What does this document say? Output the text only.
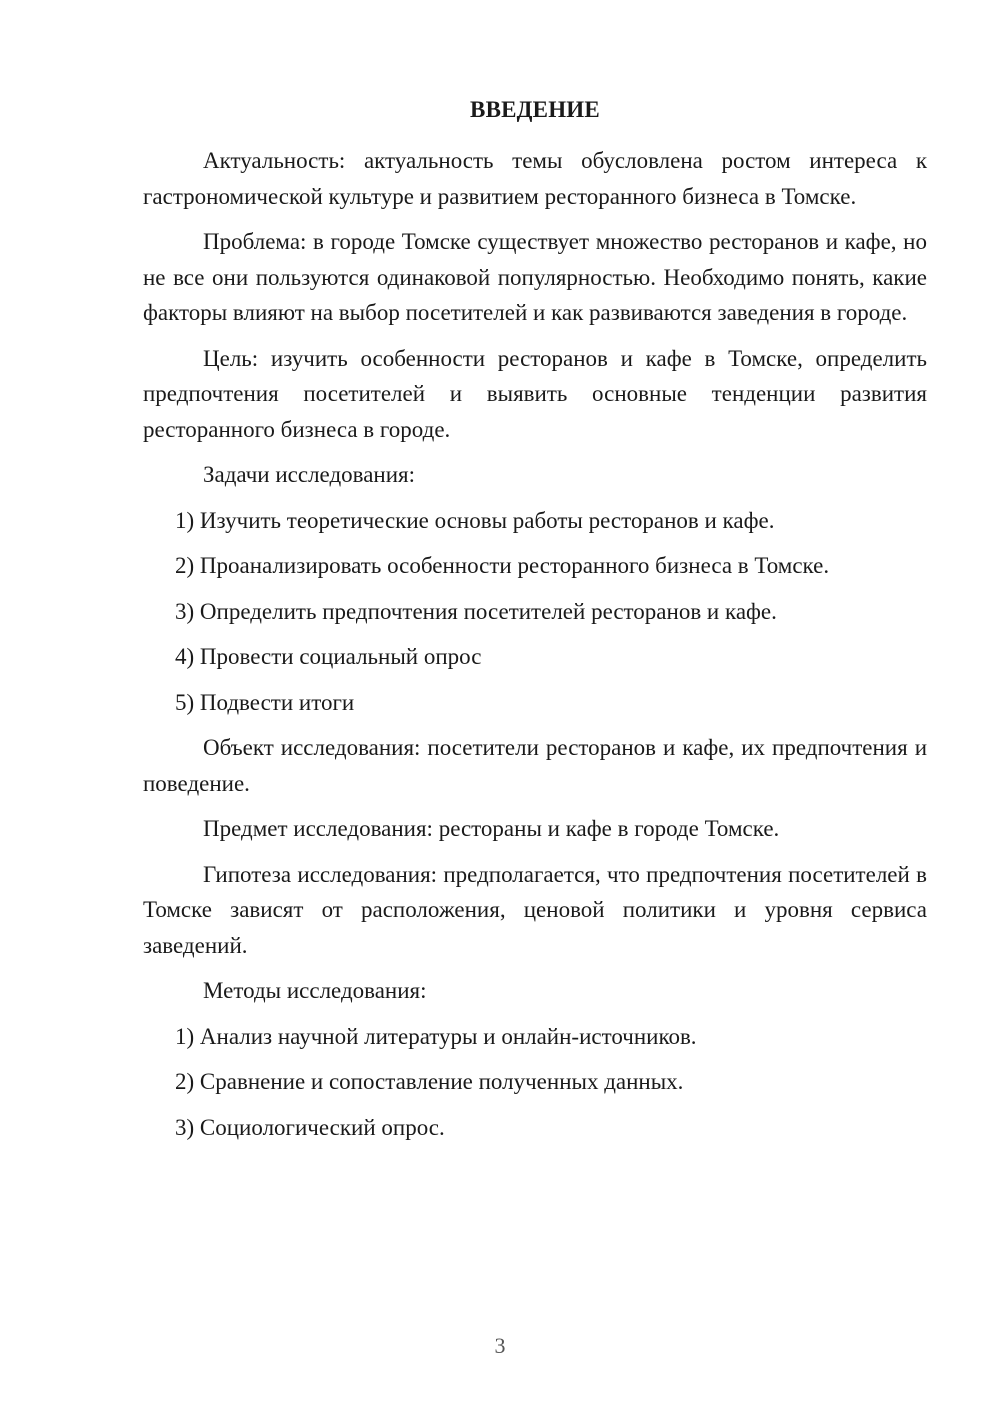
ВВЕДЕНИЕ

Актуальность: актуальность темы обусловлена ростом интереса к гастрономической культуре и развитием ресторанного бизнеса в Томске.

Проблема: в городе Томске существует множество ресторанов и кафе, но не все они пользуются одинаковой популярностью. Необходимо понять, какие факторы влияют на выбор посетителей и как развиваются заведения в городе.

Цель: изучить особенности ресторанов и кафе в Томске, определить предпочтения посетителей и выявить основные тенденции развития ресторанного бизнеса в городе.

Задачи исследования:

1) Изучить теоретические основы работы ресторанов и кафе.

2) Проанализировать особенности ресторанного бизнеса в Томске.

3) Определить предпочтения посетителей ресторанов и кафе.

4) Провести социальный опрос

5) Подвести итоги

Объект исследования: посетители ресторанов и кафе, их предпочтения и поведение.

Предмет исследования: рестораны и кафе в городе Томске.

Гипотеза исследования: предполагается, что предпочтения посетителей в Томске зависят от расположения, ценовой политики и уровня сервиса заведений.

Методы исследования:

1) Анализ научной литературы и онлайн-источников.

2) Сравнение и сопоставление полученных данных.

3) Социологический опрос.

3
